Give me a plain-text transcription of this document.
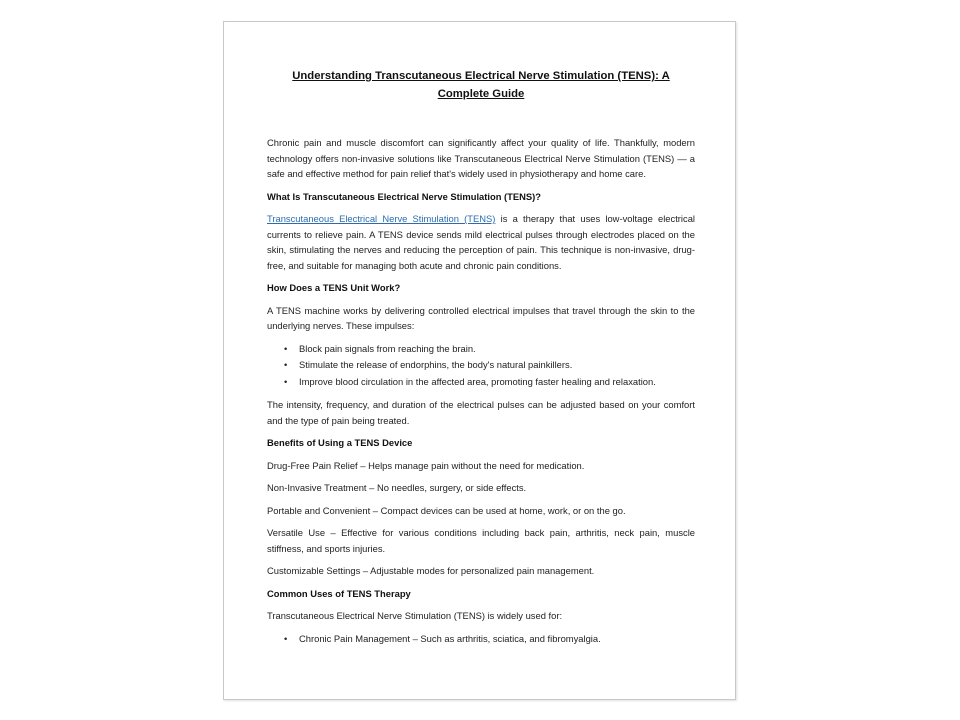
Understanding Transcutaneous Electrical Nerve Stimulation (TENS): A Complete Guide

Chronic pain and muscle discomfort can significantly affect your quality of life. Thankfully, modern technology offers non-invasive solutions like Transcutaneous Electrical Nerve Stimulation (TENS) — a safe and effective method for pain relief that's widely used in physiotherapy and home care.

What Is Transcutaneous Electrical Nerve Stimulation (TENS)?

Transcutaneous Electrical Nerve Stimulation (TENS) is a therapy that uses low-voltage electrical currents to relieve pain. A TENS device sends mild electrical pulses through electrodes placed on the skin, stimulating the nerves and reducing the perception of pain. This technique is non-invasive, drug-free, and suitable for managing both acute and chronic pain conditions.

How Does a TENS Unit Work?

A TENS machine works by delivering controlled electrical impulses that travel through the skin to the underlying nerves. These impulses:

• Block pain signals from reaching the brain.
• Stimulate the release of endorphins, the body's natural painkillers.
• Improve blood circulation in the affected area, promoting faster healing and relaxation.

The intensity, frequency, and duration of the electrical pulses can be adjusted based on your comfort and the type of pain being treated.

Benefits of Using a TENS Device

Drug-Free Pain Relief – Helps manage pain without the need for medication.

Non-Invasive Treatment – No needles, surgery, or side effects.

Portable and Convenient – Compact devices can be used at home, work, or on the go.

Versatile Use – Effective for various conditions including back pain, arthritis, neck pain, muscle stiffness, and sports injuries.

Customizable Settings – Adjustable modes for personalized pain management.

Common Uses of TENS Therapy

Transcutaneous Electrical Nerve Stimulation (TENS) is widely used for:

• Chronic Pain Management – Such as arthritis, sciatica, and fibromyalgia.
